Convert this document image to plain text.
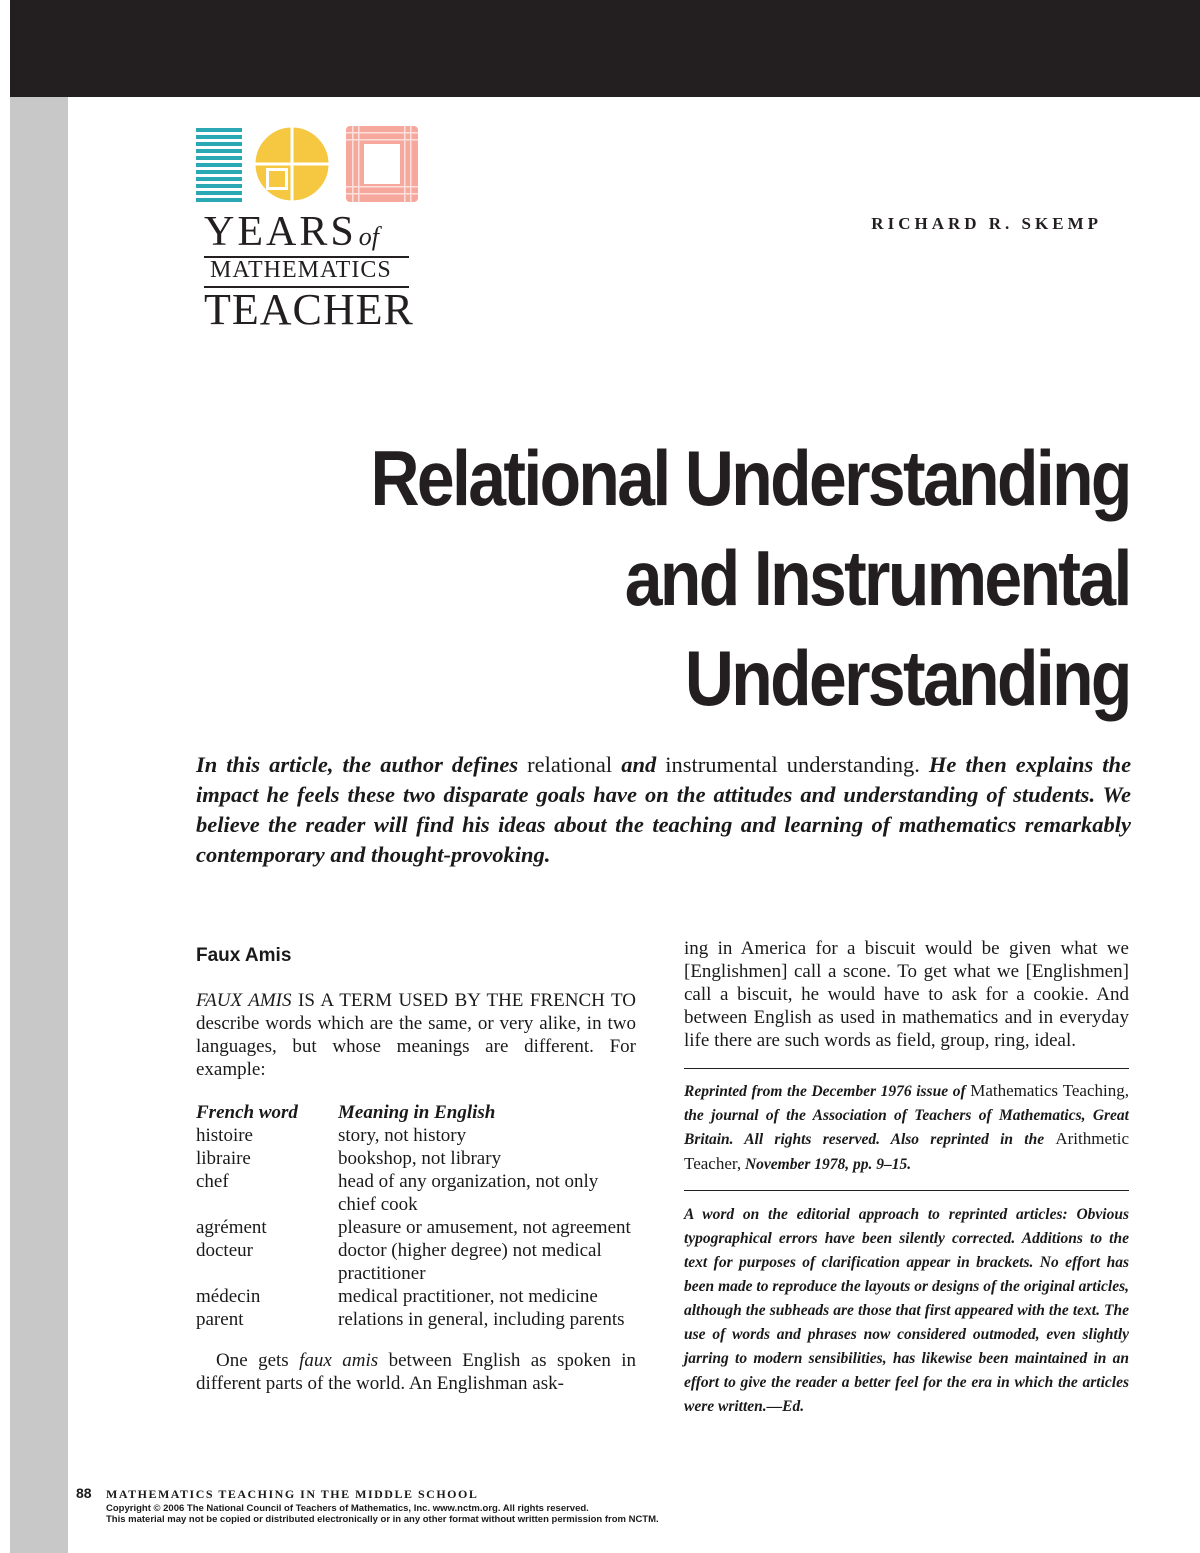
YEARSof
MATHEMATICS
TEACHER
RICHARD R. SKEMP
Relational Understanding
and Instrumental
Understanding
In this article, the author defines relational and instrumental understanding. He then explains the impact he feels these two disparate goals have on the attitudes and understanding of students. We believe the reader will find his ideas about the teaching and learning of mathematics remarkably contemporary and thought-provoking.
Faux Amis

FAUX AMIS IS A TERM USED BY THE FRENCH TO describe words which are the same, or very alike, in two languages, but whose meanings are different. For example:

French word	Meaning in English
histoire	story, not history
libraire	bookshop, not library
chef	head of any organization, not only chief cook
agrément	pleasure or amusement, not agreement
docteur	doctor (higher degree) not medical practitioner
médecin	medical practitioner, not medicine
parent	relations in general, including parents

One gets faux amis between English as spoken in different parts of the world. An Englishman ask-

ing in America for a biscuit would be given what we [Englishmen] call a scone. To get what we [Englishmen] call a biscuit, he would have to ask for a cookie. And between English as used in mathematics and in everyday life there are such words as field, group, ring, ideal.

Reprinted from the December 1976 issue of Mathematics Teaching, the journal of the Association of Teachers of Mathematics, Great Britain. All rights reserved. Also reprinted in the Arithmetic Teacher, November 1978, pp. 9–15.
A word on the editorial approach to reprinted articles: Obvious typographical errors have been silently corrected. Additions to the text for purposes of clarification appear in brackets. No effort has been made to reproduce the layouts or designs of the original articles, although the subheads are those that first appeared with the text. The use of words and phrases now considered outmoded, even slightly jarring to modern sensibilities, has likewise been maintained in an effort to give the reader a better feel for the era in which the articles were written.—Ed.
88 MATHEMATICS TEACHING IN THE MIDDLE SCHOOL
Copyright © 2006 The National Council of Teachers of Mathematics, Inc. www.nctm.org. All rights reserved.
This material may not be copied or distributed electronically or in any other format without written permission from NCTM.
